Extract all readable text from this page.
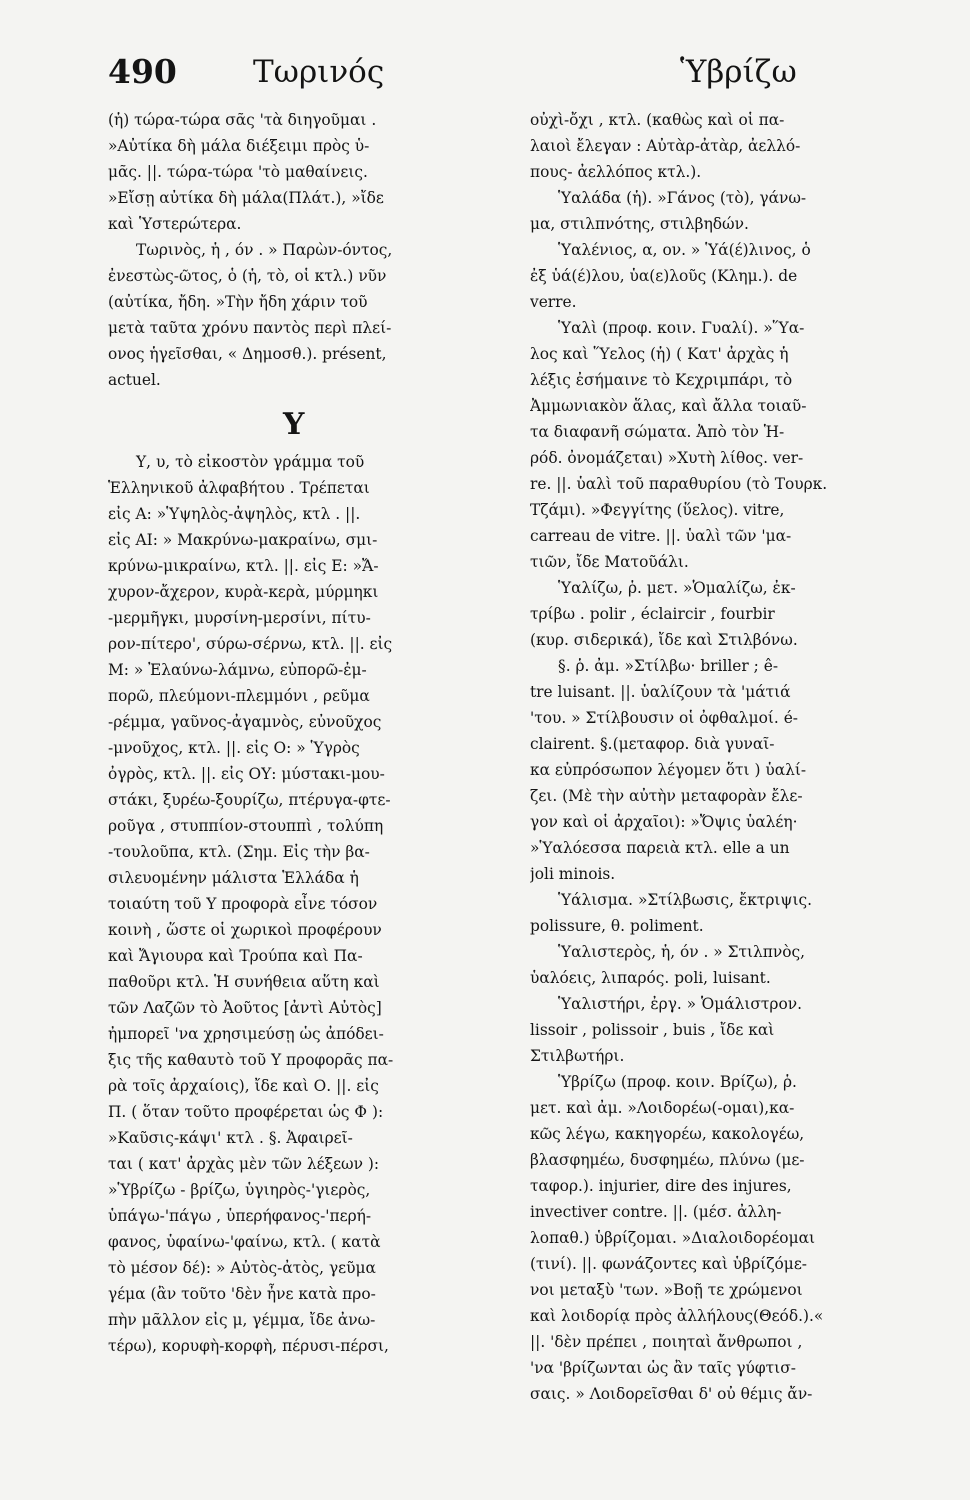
490 Τωρινός	Ὑβρίζω
(ἡ) τώρα-τώρα σᾶς 'τὰ διηγοῦμαι .
»Αὐτίκα δὴ μάλα διέξειμι πρὸς ὑ-
μᾶς. ||. τώρα-τώρα 'τὸ μαθαίνεις.
»Εἴσῃ αὐτίκα δὴ μάλα(Πλάτ.), »ἴδε
καὶ Ὑστερώτερα.
Τωρινὸς, ἡ , όν . » Παρὼν-όντος,
ἐνεστὼς-ῶτος, ὁ (ἡ, τὸ, οἱ κτλ.) νῦν
(αὐτίκα, ἤδη. »Τὴν ἤδη χάριν τοῦ
μετὰ ταῦτα χρόνυ παντὸς περὶ πλεί-
ονος ἡγεῖσθαι, « Δημοσθ.). présent,
actuel.
Υ
Υ, υ, τὸ εἰκοστὸν γράμμα τοῦ
Ἑλληνικοῦ ἀλφαβήτου . Τρέπεται
εἰς Α: »Ὑψηλὸς-ἀψηλὸς, κτλ . ||.
εἰς ΑΙ: » Μακρύνω-μακραίνω, σμι-
κρύνω-μικραίνω, κτλ. ||. εἰς Ε: »Ἄ-
χυρον-ἄχερον, κυρὰ-κερὰ, μύρμηκι
-μερμῆγκι, μυρσίνη-μερσίνι, πίτυ-
ρον-πίτερο', σύρω-σέρνω, κτλ. ||. εἰς
Μ: » Ἐλαύνω-λάμνω, εὐπορῶ-ἐμ-
πορῶ, πλεύμονι-πλεμμόνι , ρεῦμα
-ρέμμα, γαῦνος-ἀγαμνὸς, εὐνοῦχος
-μνοῦχος, κτλ. ||. εἰς Ο: » Ὑγρὸς
ὀγρὸς, κτλ. ||. εἰς ΟΥ: μύστακι-μου-
στάκι, ξυρέω-ξουρίζω, πτέρυγα-φτε-
ροῦγα , στυππίον-στουππὶ , τολύπη
-τουλοῦπα, κτλ. (Σημ. Εἰς τὴν βα-
σιλευομένην μάλιστα Ἑλλάδα ἡ
τοιαύτη τοῦ Υ προφορὰ εἶνε τόσον
κοινὴ , ὥστε οἱ χωρικοὶ προφέρουν
καὶ Ἄγιουρα καὶ Τρούπα καὶ Πα-
παθοῦρι κτλ. Ἡ συνήθεια αὕτη καὶ
τῶν Λαζῶν τὸ Ἀοῦτος [ἀντὶ Αὐτὸς]
ἠμπορεῖ 'να χρησιμεύσῃ ὡς ἀπόδει-
ξις τῆς καθαυτὸ τοῦ Υ προφορᾶς πα-
ρὰ τοῖς ἀρχαίοις), ἴδε καὶ Ο. ||. εἰς
Π. ( ὅταν τοῦτο προφέρεται ὡς Φ ):
»Καῦσις-κάψι' κτλ . §. Ἀφαιρεῖ-
ται ( κατ' ἀρχὰς μὲν τῶν λέξεων ):
»Ὑβρίζω - βρίζω, ὑγιηρὸς-'γιερὸς,
ὑπάγω-'πάγω , ὑπερήφανος-'περή-
φανος, ὑφαίνω-'φαίνω, κτλ. ( κατὰ
τὸ μέσον δέ): » Αὐτὸς-ἀτὸς, γεῦμα
γέμα (ἂν τοῦτο 'δὲν ἦνε κατὰ προ-
πὴν μᾶλλον εἰς μ, γέμμα, ἴδε ἀνω-
τέρω), κορυφὴ-κορφὴ, πέρυσι-πέρσι,
οὐχὶ-ὄχι , κτλ. (καθὼς καὶ οἱ πα-
λαιοὶ ἔλεγαν : Αὐτὰρ-ἀτὰρ, ἀελλό-
πους- ἀελλόπος κτλ.).
Ὑαλάδα (ἡ). »Γάνος (τὸ), γάνω-
μα, στιλπνότης, στιλβηδών.
Ὑαλένιος, α, ον. » Ὑά(έ)λινος, ὁ
ἐξ ὑά(έ)λου, ὑα(ε)λοῦς (Κλημ.). de
verre.
Ὑαλὶ (προφ. κοιν. Γυαλί). »Ὕα-
λος καὶ Ὕελος (ἡ) ( Κατ' ἀρχὰς ἡ
λέξις ἐσήμαινε τὸ Κεχριμπάρι, τὸ
Ἀμμωνιακὸν ἅλας, καὶ ἄλλα τοιαῦ-
τα διαφανῆ σώματα. Ἀπὸ τὸν Ἡ-
ρόδ. ὀνομάζεται) »Χυτὴ λίθος. ver-
re. ||. ὑαλὶ τοῦ παραθυρίου (τὸ Τουρκ.
Τζάμι). »Φεγγίτης (ὕελος). vitre,
carreau de vitre. ||. ὑαλὶ τῶν 'μα-
τιῶν, ἴδε Ματοῦάλι.
Ὑαλίζω, ῥ. μετ. »Ὁμαλίζω, ἐκ-
τρίβω . polir , éclaircir , fourbir
(κυρ. σιδερικά), ἴδε καὶ Στιλβόνω.
§. ῥ. ἀμ. »Στίλβω· briller ; ê-
tre luisant. ||. ὑαλίζουν τὰ 'μάτιά
'του. » Στίλβουσιν οἱ ὀφθαλμοί. é-
clairent. §.(μεταφορ. διὰ γυναῖ-
κα εὐπρόσωπον λέγομεν ὅτι ) ὑαλί-
ζει. (Μὲ τὴν αὐτὴν μεταφορὰν ἔλε-
γον καὶ οἱ ἀρχαῖοι): »Ὄψις ὑαλέη·
»Ὑαλόεσσα παρειὰ κτλ. elle a un
joli minois.
Ὑάλισμα. »Στίλβωσις, ἔκτριψις.
polissure, θ. poliment.
Ὑαλιστερὸς, ἡ, όν . » Στιλπνὸς,
ὑαλόεις, λιπαρός. poli, luisant.
Ὑαλιστήρι, ἐργ. » Ὁμάλιστρον.
lissoir , polissoir , buis , ἴδε καὶ
Στιλβωτήρι.
Ὑβρίζω (προφ. κοιν. Βρίζω), ῥ.
μετ. καὶ ἀμ. »Λοιδορέω(-ομαι),κα-
κῶς λέγω, κακηγορέω, κακολογέω,
βλασφημέω, δυσφημέω, πλύνω (με-
ταφορ.). injurier, dire des injures,
invectiver contre. ||. (μέσ. ἀλλη-
λοπαθ.) ὑβρίζομαι. »Διαλοιδορέομαι
(τινί). ||. φωνάζοντες καὶ ὑβρίζόμε-
νοι μεταξὺ 'των. »Βοῇ τε χρώμενοι
καὶ λοιδορίᾳ πρὸς ἀλλήλους(Θεόδ.).«
||. 'δὲν πρέπει , ποιηταὶ ἄνθρωποι ,
'να 'βρίζωνται ὡς ἂν ταῖς γύφτισ-
σαις. » Λοιδορεῖσθαι δ' οὐ θέμις ἄν-
